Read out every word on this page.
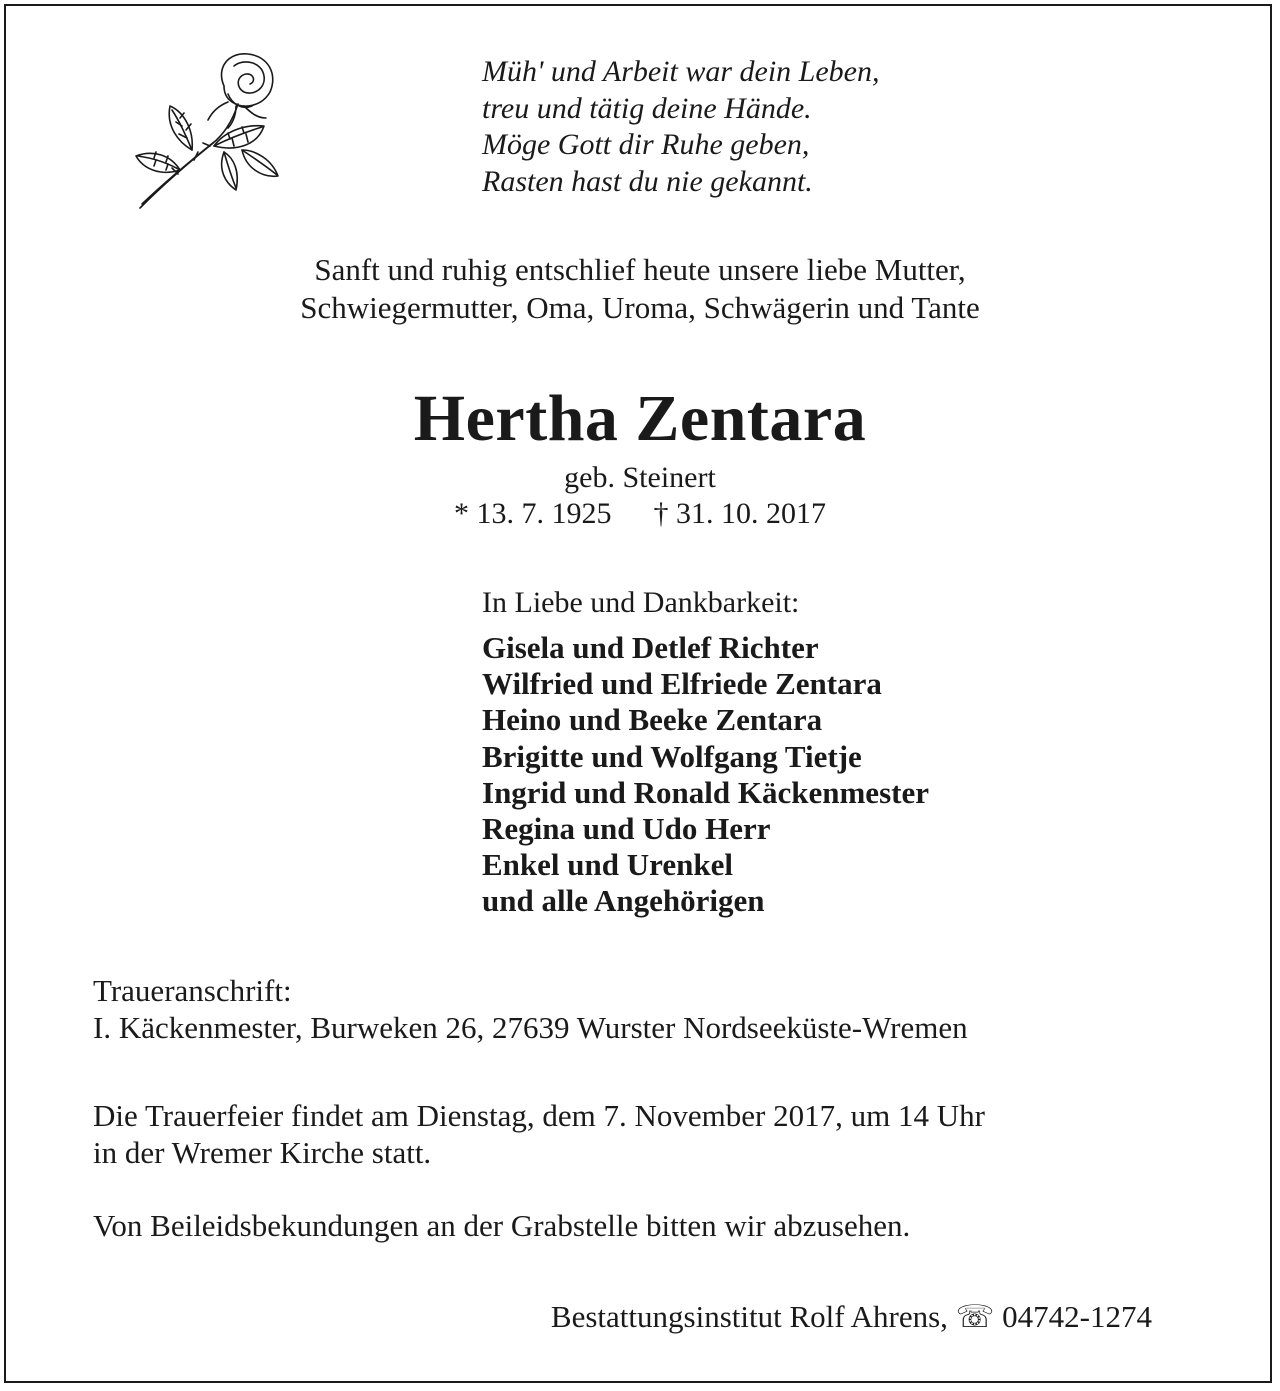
Müh' und Arbeit war dein Leben,
treu und tätig deine Hände.
Möge Gott dir Ruhe geben,
Rasten hast du nie gekannt.
Sanft und ruhig entschlief heute unsere liebe Mutter,
Schwiegermutter, Oma, Uroma, Schwägerin und Tante
Hertha Zentara
geb. Steinert
* 13. 7. 1925 † 31. 10. 2017
In Liebe und Dankbarkeit:
Gisela und Detlef Richter
Wilfried und Elfriede Zentara
Heino und Beeke Zentara
Brigitte und Wolfgang Tietje
Ingrid und Ronald Käckenmester
Regina und Udo Herr
Enkel und Urenkel
und alle Angehörigen
Traueranschrift:
I. Käckenmester, Burweken 26, 27639 Wurster Nordseeküste-Wremen
Die Trauerfeier findet am Dienstag, dem 7. November 2017, um 14 Uhr
in der Wremer Kirche statt.
Von Beileidsbekundungen an der Grabstelle bitten wir abzusehen.
Bestattungsinstitut Rolf Ahrens, ☏ 04742-1274
